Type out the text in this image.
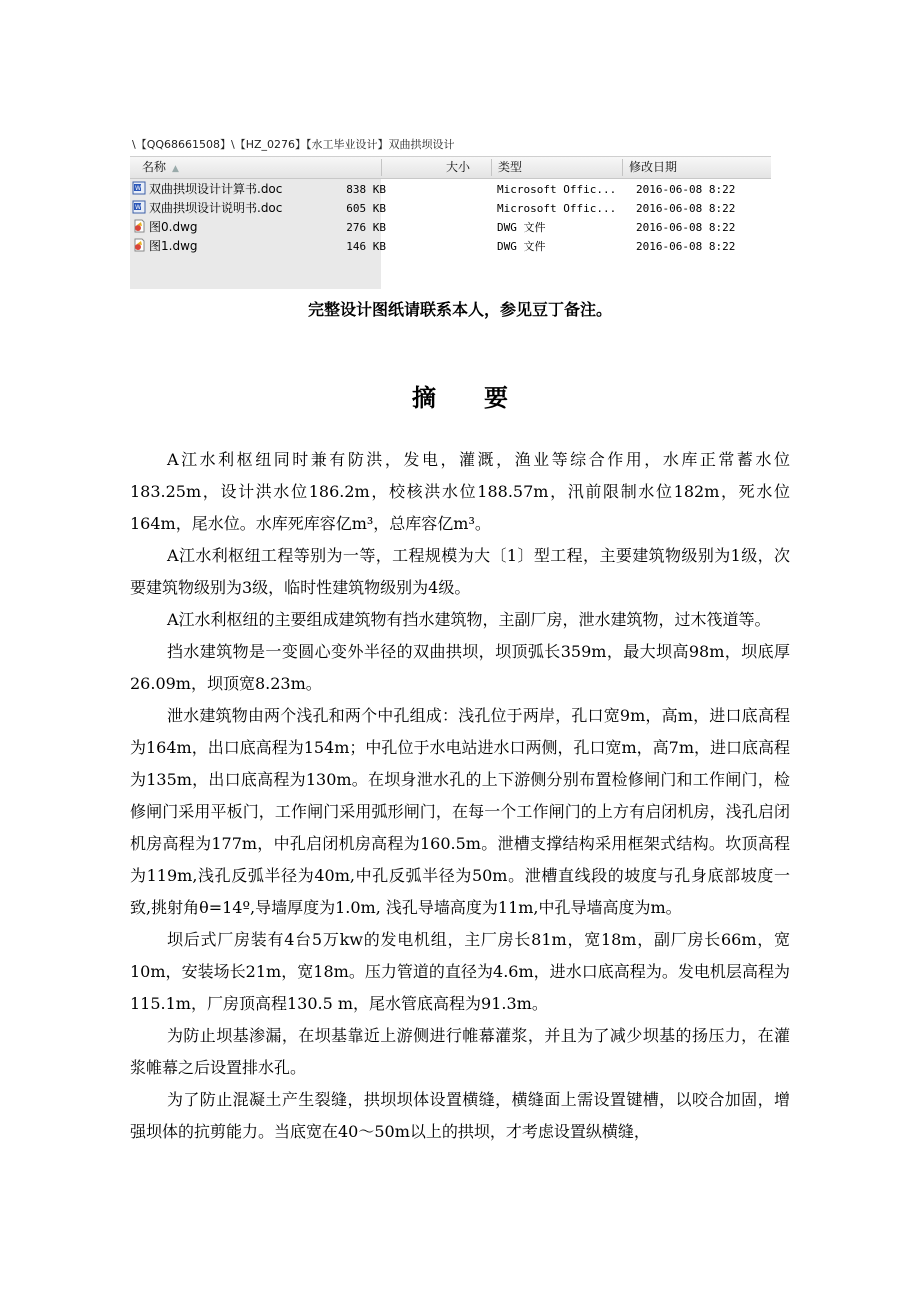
\【QQ68661508】\【HZ_0276】【水工毕业设计】双曲拱坝设计
名称 ▲	大小	类型	修改日期
W 双曲拱坝设计计算书.doc	838 KB	Microsoft Offic... 2016-06-08 8:22
W 双曲拱坝设计说明书.doc	605 KB	Microsoft Offic... 2016-06-08 8:22
图0.dwg	276 KB	DWG 文件	2016-06-08 8:22
图1.dwg	146 KB	DWG 文件	2016-06-08 8:22
完整设计图纸请联系本人，参见豆丁备注。
摘要

A江水利枢纽同时兼有防洪，发电，灌溉，渔业等综合作用，水库正常蓄水位183.25m，设计洪水位186.2m，校核洪水位188.57m，汛前限制水位182m，死水位164m，尾水位。水库死库容亿m³，总库容亿m³。

A江水利枢纽工程等别为一等，工程规模为大〔1〕型工程，主要建筑物级别为1级，次要建筑物级别为3级，临时性建筑物级别为4级。

A江水利枢纽的主要组成建筑物有挡水建筑物，主副厂房，泄水建筑物，过木筏道等。

挡水建筑物是一变圆心变外半径的双曲拱坝，坝顶弧长359m，最大坝高98m，坝底厚26.09m，坝顶宽8.23m。

泄水建筑物由两个浅孔和两个中孔组成：浅孔位于两岸，孔口宽9m，高m，进口底高程为164m，出口底高程为154m；中孔位于水电站进水口两侧，孔口宽m，高7m，进口底高程为135m，出口底高程为130m。在坝身泄水孔的上下游侧分别布置检修闸门和工作闸门，检修闸门采用平板门，工作闸门采用弧形闸门，在每一个工作闸门的上方有启闭机房，浅孔启闭机房高程为177m，中孔启闭机房高程为160.5m。泄槽支撑结构采用框架式结构。坎顶高程为119m,浅孔反弧半径为40m,中孔反弧半径为50m。泄槽直线段的坡度与孔身底部坡度一致,挑射角θ=14º,导墙厚度为1.0m, 浅孔导墙高度为11m,中孔导墙高度为m。

坝后式厂房装有4台5万kw的发电机组，主厂房长81m，宽18m，副厂房长66m，宽10m，安装场长21m，宽18m。压力管道的直径为4.6m，进水口底高程为。发电机层高程为115.1m，厂房顶高程130.5 m，尾水管底高程为91.3m。

为防止坝基渗漏，在坝基靠近上游侧进行帷幕灌浆，并且为了减少坝基的扬压力，在灌浆帷幕之后设置排水孔。

为了防止混凝土产生裂缝，拱坝坝体设置横缝，横缝面上需设置键槽，以咬合加固，增强坝体的抗剪能力。当底宽在40～50m以上的拱坝，才考虑设置纵横缝，
